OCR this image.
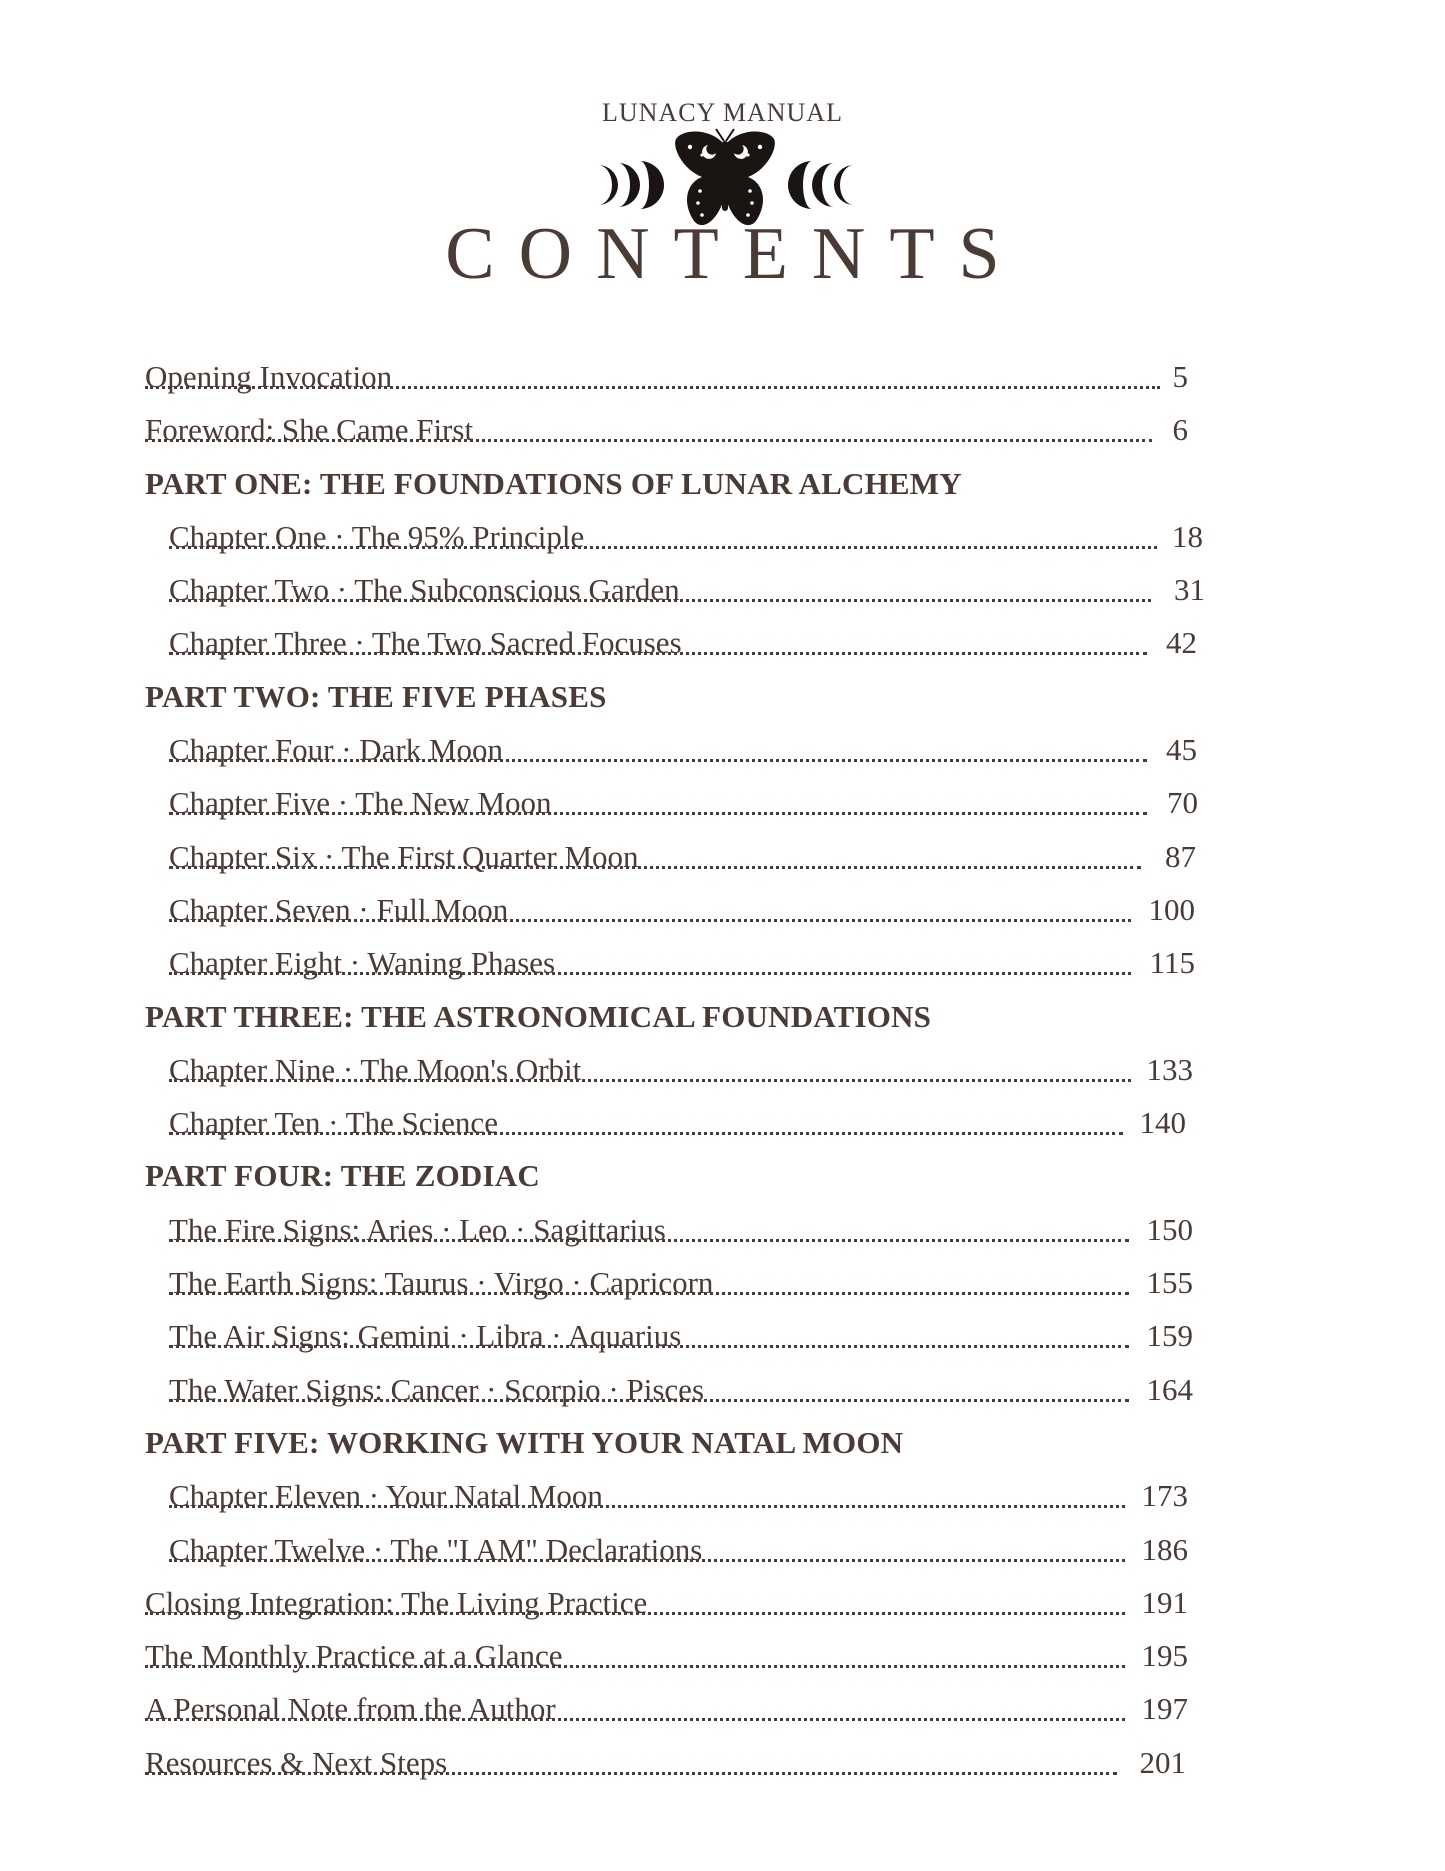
LUNACY MANUAL
CONTENTS
Opening Invocation	5
Foreword: She Came First	6
PART ONE: THE FOUNDATIONS OF LUNAR ALCHEMY
Chapter One · The 95% Principle	18
Chapter Two · The Subconscious Garden	31
Chapter Three · The Two Sacred Focuses	42
PART TWO: THE FIVE PHASES
Chapter Four · Dark Moon	45
Chapter Five · The New Moon	70
Chapter Six · The First Quarter Moon	87
Chapter Seven · Full Moon	100
Chapter Eight · Waning Phases	115
PART THREE: THE ASTRONOMICAL FOUNDATIONS
Chapter Nine · The Moon's Orbit	133
Chapter Ten · The Science	140
PART FOUR: THE ZODIAC
The Fire Signs: Aries · Leo · Sagittarius	150
The Earth Signs: Taurus · Virgo · Capricorn	155
The Air Signs: Gemini · Libra · Aquarius	159
The Water Signs: Cancer · Scorpio · Pisces	164
PART FIVE: WORKING WITH YOUR NATAL MOON
Chapter Eleven · Your Natal Moon	173
Chapter Twelve · The "I AM" Declarations	186
Closing Integration: The Living Practice	191
The Monthly Practice at a Glance	195
A Personal Note from the Author	197
Resources & Next Steps	201
